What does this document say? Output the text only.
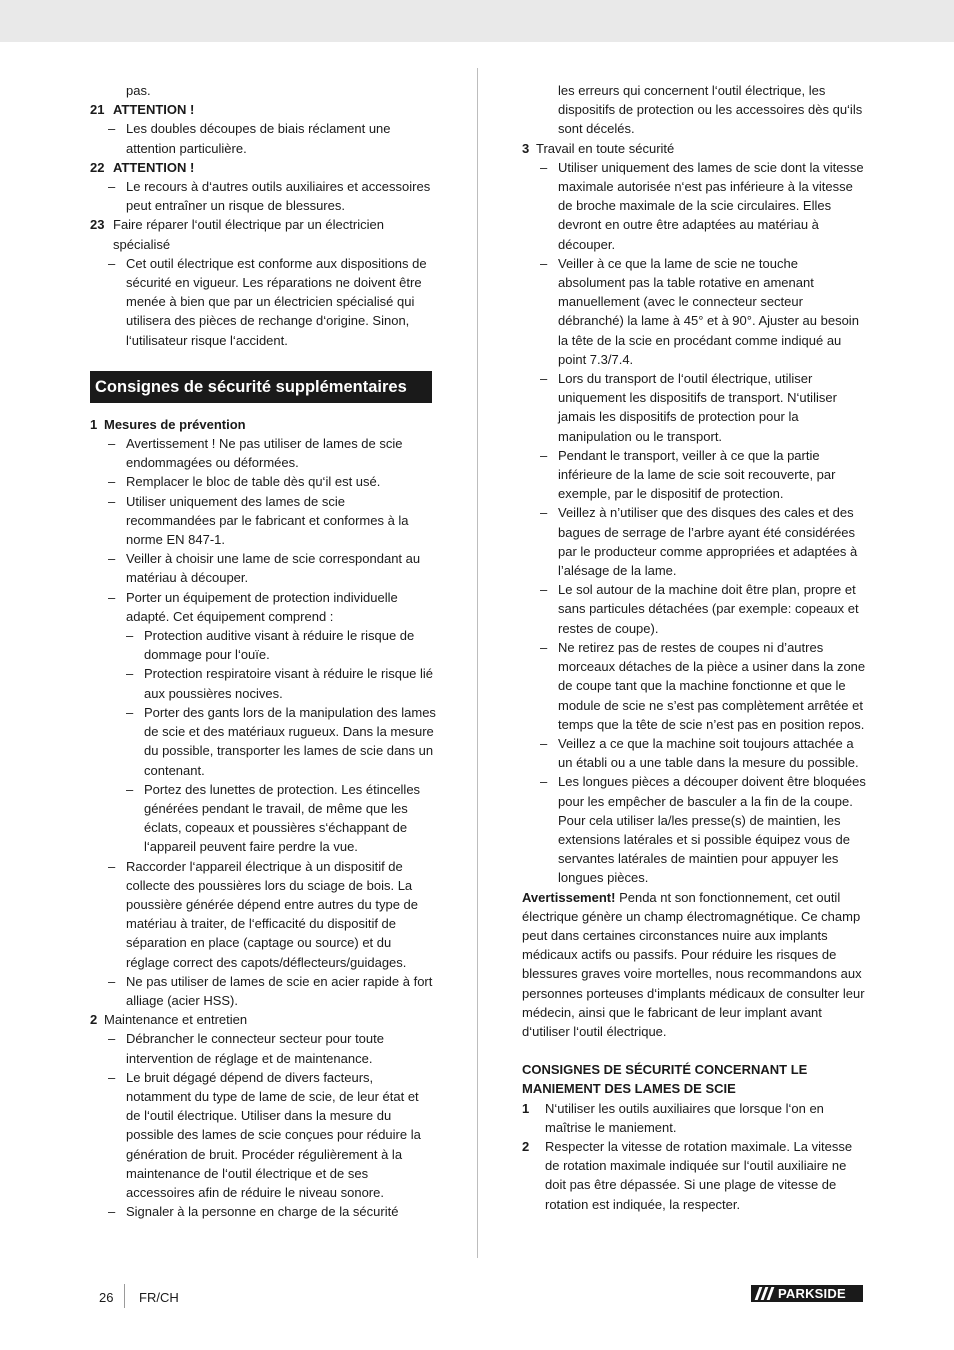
pas.

21 ATTENTION !
– Les doubles découpes de biais réclament une attention particulière.
22 ATTENTION !
– Le recours à d‘autres outils auxiliaires et accessoires peut entraîner un risque de blessures.
23 Faire réparer l‘outil électrique par un électricien spécialisé
– Cet outil électrique est conforme aux dispositions de sécurité en vigueur. Les réparations ne doivent être menée à bien que par un électricien spécialisé qui utilisera des pièces de rechange d‘origine. Sinon, l‘utilisateur risque l‘accident.
Consignes de sécurité supplémentaires
1 Mesures de prévention
– Avertissement ! Ne pas utiliser de lames de scie endommagées ou déformées.
– Remplacer le bloc de table dès qu‘il est usé.
– Utiliser uniquement des lames de scie recommandées par le fabricant et conformes à la norme EN 847-1.
– Veiller à choisir une lame de scie correspondant au matériau à découper.
– Porter un équipement de protection individuelle adapté. Cet équipement comprend :
– Protection auditive visant à réduire le risque de dommage pour l‘ouïe.
– Protection respiratoire visant à réduire le risque lié aux poussières nocives.
– Porter des gants lors de la manipulation des lames de scie et des matériaux rugueux. Dans la mesure du possible, transporter les lames de scie dans un contenant.
– Portez des lunettes de protection. Les étincelles générées pendant le travail, de même que les éclats, copeaux et poussières s‘échappant de l‘appareil peuvent faire perdre la vue.
– Raccorder l‘appareil électrique à un dispositif de collecte des poussières lors du sciage de bois. La poussière générée dépend entre autres du type de matériau à traiter, de l‘efficacité du dispositif de séparation en place (captage ou source) et du réglage correct des capots/déflecteurs/guidages.
– Ne pas utiliser de lames de scie en acier rapide à fort alliage (acier HSS).
2 Maintenance et entretien
– Débrancher le connecteur secteur pour toute intervention de réglage et de maintenance.
– Le bruit dégagé dépend de divers facteurs, notamment du type de lame de scie, de leur état et de l‘outil électrique. Utiliser dans la mesure du possible des lames de scie conçues pour réduire la génération de bruit. Procéder régulièrement à la maintenance de l‘outil électrique et de ses accessoires afin de réduire le niveau sonore.
– Signaler à la personne en charge de la sécurité

les erreurs qui concernent l‘outil électrique, les dispositifs de protection ou les accessoires dès qu‘ils sont décelés.

3 Travail en toute sécurité
– Utiliser uniquement des lames de scie dont la vitesse maximale autorisée n‘est pas inférieure à la vitesse de broche maximale de la scie circulaires. Elles devront en outre être adaptées au matériau à découper.
– Veiller à ce que la lame de scie ne touche absolument pas la table rotative en amenant manuellement (avec le connecteur secteur débranché) la lame à 45° et à 90°. Ajuster au besoin la tête de la scie en procédant comme indiqué au point 7.3/7.4.
– Lors du transport de l‘outil électrique, utiliser uniquement les dispositifs de transport. N‘utiliser jamais les dispositifs de protection pour la manipulation ou le transport.
– Pendant le transport, veiller à ce que la partie inférieure de la lame de scie soit recouverte, par exemple, par le dispositif de protection.
– Veillez à n’utiliser que des disques des cales et des bagues de serrage de l’arbre ayant été considérées par le producteur comme appropriées et adaptées à l’alésage de la lame.
– Le sol autour de la machine doit être plan, propre et sans particules détachées (par exemple: copeaux et restes de coupe).
– Ne retirez pas de restes de coupes ni d’autres morceaux détaches de la pièce a usiner dans la zone de coupe tant que la machine fonctionne et que le module de scie ne s’est pas complètement arrêtée et temps que la tête de scie n’est pas en position repos.
– Veillez a ce que la machine soit toujours attachée a un établi ou a une table dans la mesure du possible.
– Les longues pièces a découper doivent être bloquées pour les empêcher de basculer a la fin de la coupe. Pour cela utiliser la/les presse(s) de maintien, les extensions latérales et si possible équipez vous de servantes latérales de maintien pour appuyer les longues pièces.

Avertissement! Penda nt son fonctionnement, cet outil électrique génère un champ électromagnétique. Ce champ peut dans certaines circonstances nuire aux implants médicaux actifs ou passifs. Pour réduire les risques de blessures graves voire mortelles, nous recommandons aux personnes porteuses d‘implants médicaux de consulter leur médecin, ainsi que le fabricant de leur implant avant d‘utiliser l‘outil électrique.

CONSIGNES DE SÉCURITÉ CONCERNANT LE MANIEMENT DES LAMES DE SCIE

1	N‘utiliser les outils auxiliaires que lorsque l‘on en maîtrise le maniement.
2	Respecter la vitesse de rotation maximale. La vitesse de rotation maximale indiquée sur l‘outil auxiliaire ne doit pas être dépassée. Si une plage de vitesse de rotation est indiquée, la respecter.
26 FR/CH	PARKSIDE
